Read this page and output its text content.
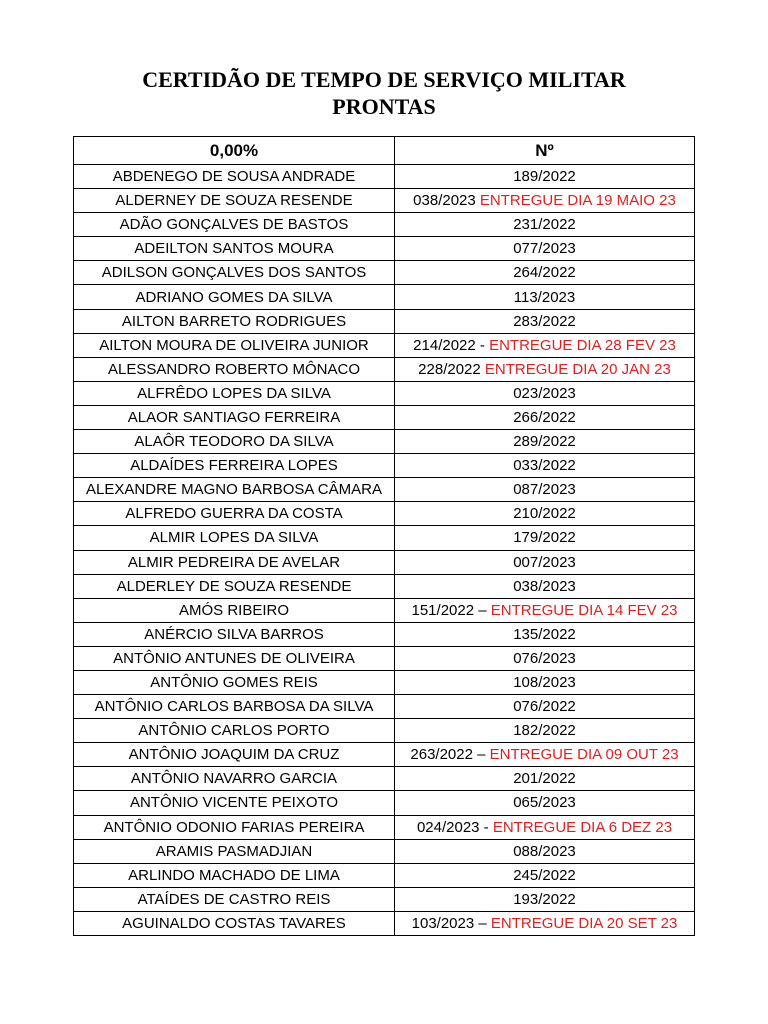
CERTIDÃO DE TEMPO DE SERVIÇO MILITAR
PRONTAS
0,00%	Nº
ABDENEGO DE SOUSA ANDRADE	189/2022
ALDERNEY DE SOUZA RESENDE	038/2023 ENTREGUE DIA 19 MAIO 23
ADÃO GONÇALVES DE BASTOS	231/2022
ADEILTON SANTOS MOURA	077/2023
ADILSON GONÇALVES DOS SANTOS	264/2022
ADRIANO GOMES DA SILVA	113/2023
AILTON BARRETO RODRIGUES	283/2022
AILTON MOURA DE OLIVEIRA JUNIOR	214/2022 - ENTREGUE DIA 28 FEV 23
ALESSANDRO ROBERTO MÔNACO	228/2022 ENTREGUE DIA 20 JAN 23
ALFRÊDO LOPES DA SILVA	023/2023
ALAOR SANTIAGO FERREIRA	266/2022
ALAÔR TEODORO DA SILVA	289/2022
ALDAÍDES FERREIRA LOPES	033/2022
ALEXANDRE MAGNO BARBOSA CÂMARA	087/2023
ALFREDO GUERRA DA COSTA	210/2022
ALMIR LOPES DA SILVA	179/2022
ALMIR PEDREIRA DE AVELAR	007/2023
ALDERLEY DE SOUZA RESENDE	038/2023
AMÓS RIBEIRO	151/2022 – ENTREGUE DIA 14 FEV 23
ANÉRCIO SILVA BARROS	135/2022
ANTÔNIO ANTUNES DE OLIVEIRA	076/2023
ANTÔNIO GOMES REIS	108/2023
ANTÔNIO CARLOS BARBOSA DA SILVA	076/2022
ANTÔNIO CARLOS PORTO	182/2022
ANTÔNIO JOAQUIM DA CRUZ	263/2022 – ENTREGUE DIA 09 OUT 23
ANTÔNIO NAVARRO GARCIA	201/2022
ANTÔNIO VICENTE PEIXOTO	065/2023
ANTÔNIO ODONIO FARIAS PEREIRA	024/2023 - ENTREGUE DIA 6 DEZ 23
ARAMIS PASMADJIAN	088/2023
ARLINDO MACHADO DE LIMA	245/2022
ATAÍDES DE CASTRO REIS	193/2022
AGUINALDO COSTAS TAVARES	103/2023 – ENTREGUE DIA 20 SET 23
